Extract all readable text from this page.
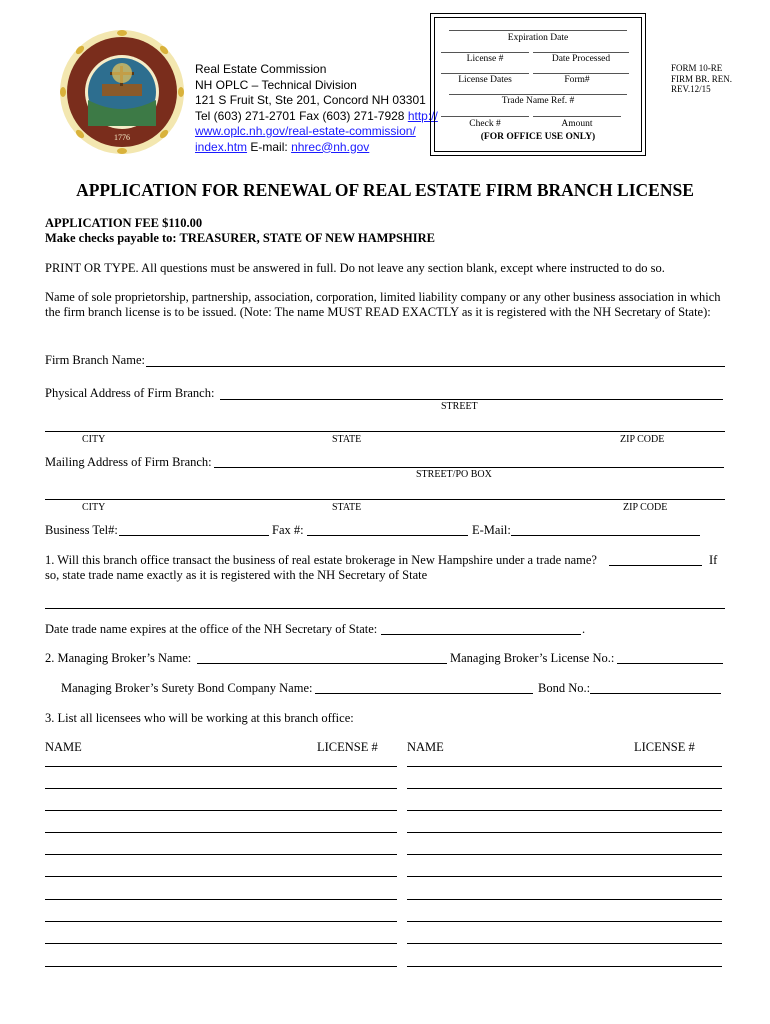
1776
Real Estate Commission
NH OPLC – Technical Division
121 S Fruit St, Ste 201, Concord NH 03301
Tel (603) 271-2701 Fax (603) 271-7928 http://
www.oplc.nh.gov/real-estate-commission/
index.htm E-mail: nhrec@nh.gov
Expiration Date
License #	Date Processed
License Dates	Form#
Trade Name Ref. #
Check #	Amount
(FOR OFFICE USE ONLY)
FORM 10-RE
FIRM BR. REN.
REV.12/15
APPLICATION FOR RENEWAL OF REAL ESTATE FIRM BRANCH LICENSE
APPLICATION FEE $110.00
Make checks payable to: TREASURER, STATE OF NEW HAMPSHIRE
PRINT OR TYPE. All questions must be answered in full. Do not leave any section blank, except where instructed to do so.
Name of sole proprietorship, partnership, association, corporation, limited liability company or any other business association in which the firm branch license is to be issued. (Note: The name MUST READ EXACTLY as it is registered with the NH Secretary of State):
Firm Branch Name:
Physical Address of Firm Branch:
STREET
CITY	STATE	ZIP CODE
Mailing Address of Firm Branch:
STREET/PO BOX
CITY	STATE	ZIP CODE
Business Tel#:	Fax #:	E-Mail:
1. Will this branch office transact the business of real estate brokerage in New Hampshire under a trade name?	If
so, state trade name exactly as it is registered with the NH Secretary of State
Date trade name expires at the office of the NH Secretary of State:	.
2. Managing Broker’s Name:	Managing Broker’s License No.:
Managing Broker’s Surety Bond Company Name:	Bond No.:
3. List all licensees who will be working at this branch office:
NAME	LICENSE # NAME	LICENSE #
